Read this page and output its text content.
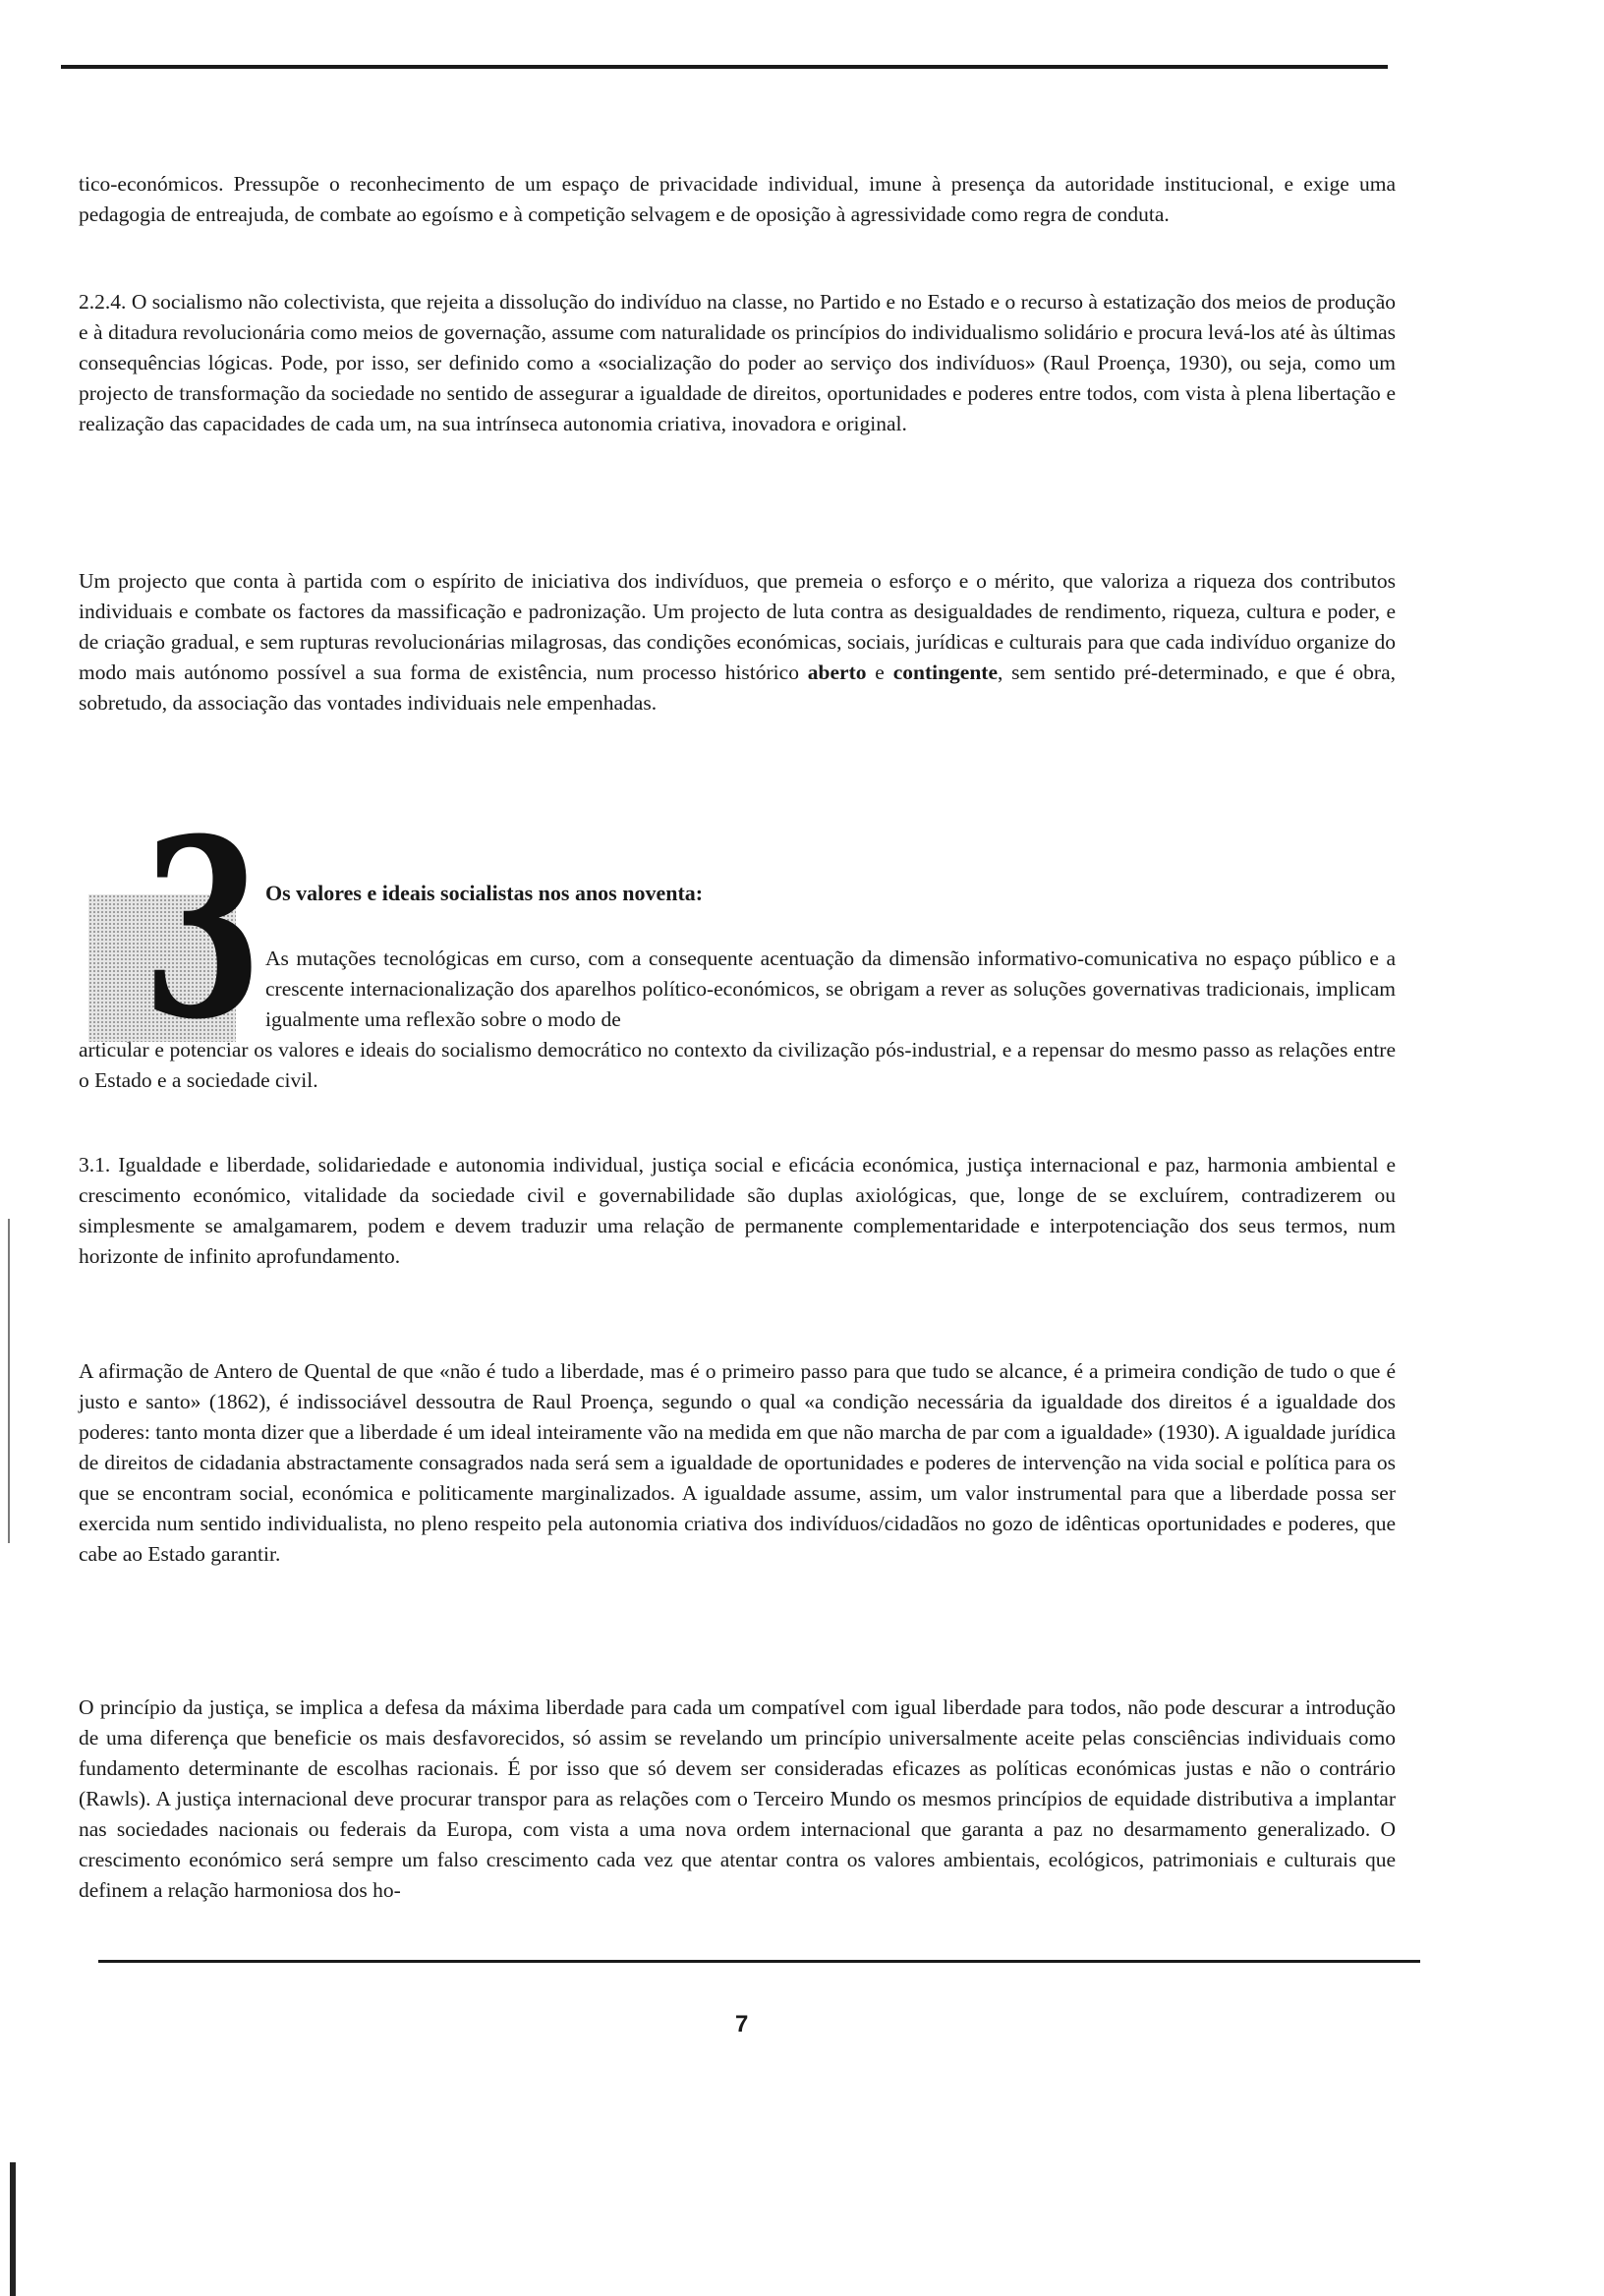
tico-económicos. Pressupõe o reconhecimento de um espaço de privacidade individual, imune à presença da autoridade institucional, e exige uma pedagogia de entreajuda, de combate ao egoísmo e à competição selvagem e de oposição à agressividade como regra de conduta.

2.2.4. O socialismo não colectivista, que rejeita a dissolução do indivíduo na classe, no Partido e no Estado e o recurso à estatização dos meios de produção e à ditadura revolucionária como meios de governação, assume com naturalidade os princípios do individualismo solidário e procura levá-los até às últimas consequências lógicas. Pode, por isso, ser definido como a «socialização do poder ao serviço dos indivíduos» (Raul Proença, 1930), ou seja, como um projecto de transformação da sociedade no sentido de assegurar a igualdade de direitos, oportunidades e poderes entre todos, com vista à plena libertação e realização das capacidades de cada um, na sua intrínseca autonomia criativa, inovadora e original.

Um projecto que conta à partida com o espírito de iniciativa dos indivíduos, que premeia o esforço e o mérito, que valoriza a riqueza dos contributos individuais e combate os factores da massificação e padronização. Um projecto de luta contra as desigualdades de rendimento, riqueza, cultura e poder, e de criação gradual, e sem rupturas revolucionárias milagrosas, das condições económicas, sociais, jurídicas e culturais para que cada indivíduo organize do modo mais autónomo possível a sua forma de existência, num processo histórico aberto e contingente, sem sentido pré-determinado, e que é obra, sobretudo, da associação das vontades individuais nele empenhadas.

3 Os valores e ideais socialistas nos anos noventa:

As mutações tecnológicas em curso, com a consequente acentuação da dimensão informativo-comunicativa no espaço público e a crescente internacionalização dos aparelhos político-económicos, se obrigam a rever as soluções governativas tradicionais, implicam igualmente uma reflexão sobre o modo de

articular e potenciar os valores e ideais do socialismo democrático no contexto da civilização pós-industrial, e a repensar do mesmo passo as relações entre o Estado e a sociedade civil.

3.1. Igualdade e liberdade, solidariedade e autonomia individual, justiça social e eficácia económica, justiça internacional e paz, harmonia ambiental e crescimento económico, vitalidade da sociedade civil e governabilidade são duplas axiológicas, que, longe de se excluírem, contradizerem ou simplesmente se amalgamarem, podem e devem traduzir uma relação de permanente complementaridade e interpotenciação dos seus termos, num horizonte de infinito aprofundamento.

A afirmação de Antero de Quental de que «não é tudo a liberdade, mas é o primeiro passo para que tudo se alcance, é a primeira condição de tudo o que é justo e santo» (1862), é indissociável dessoutra de Raul Proença, segundo o qual «a condição necessária da igualdade dos direitos é a igualdade dos poderes: tanto monta dizer que a liberdade é um ideal inteiramente vão na medida em que não marcha de par com a igualdade» (1930). A igualdade jurídica de direitos de cidadania abstractamente consagrados nada será sem a igualdade de oportunidades e poderes de intervenção na vida social e política para os que se encontram social, económica e politicamente marginalizados. A igualdade assume, assim, um valor instrumental para que a liberdade possa ser exercida num sentido individualista, no pleno respeito pela autonomia criativa dos indivíduos/cidadãos no gozo de idênticas oportunidades e poderes, que cabe ao Estado garantir.

O princípio da justiça, se implica a defesa da máxima liberdade para cada um compatível com igual liberdade para todos, não pode descurar a introdução de uma diferença que beneficie os mais desfavorecidos, só assim se revelando um princípio universalmente aceite pelas consciências individuais como fundamento determinante de escolhas racionais. É por isso que só devem ser consideradas eficazes as políticas económicas justas e não o contrário (Rawls). A justiça internacional deve procurar transpor para as relações com o Terceiro Mundo os mesmos princípios de equidade distributiva a implantar nas sociedades nacionais ou federais da Europa, com vista a uma nova ordem internacional que garanta a paz no desarmamento generalizado. O crescimento económico será sempre um falso crescimento cada vez que atentar contra os valores ambientais, ecológicos, patrimoniais e culturais que definem a relação harmoniosa dos ho-

7
